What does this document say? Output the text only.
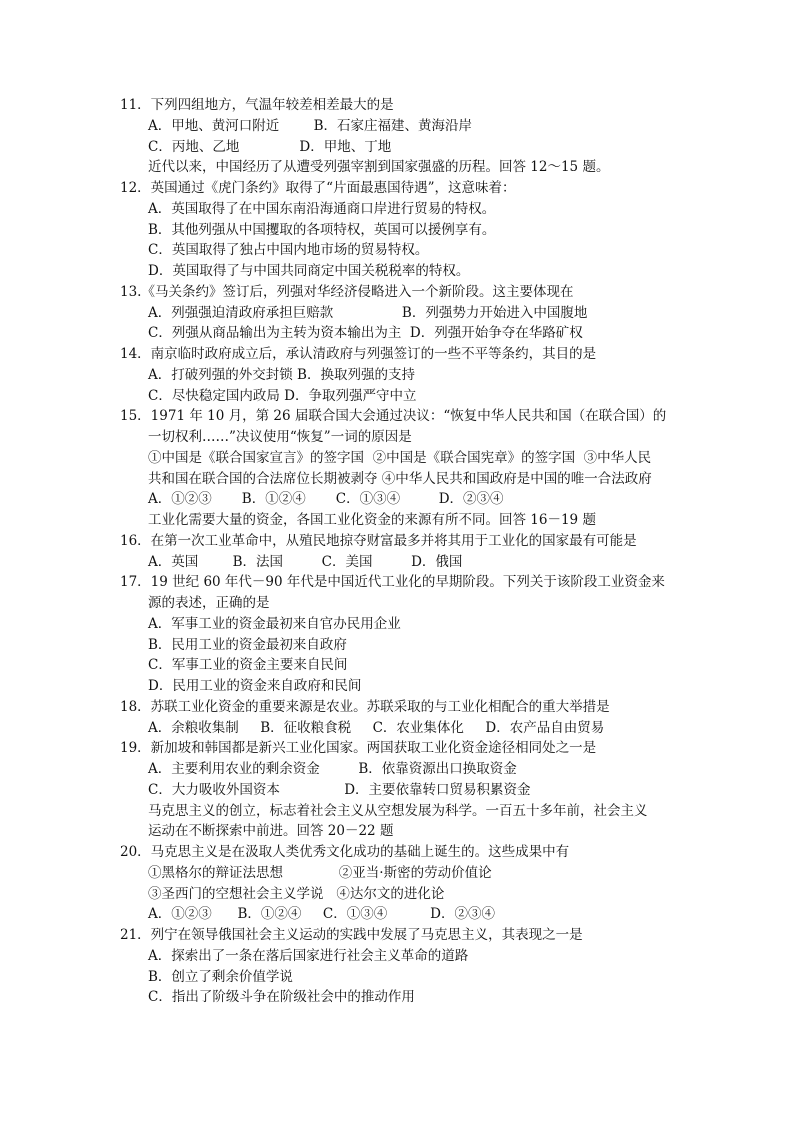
11．下列四组地方，气温年较差相差最大的是
A．甲地、黄河口附近        B．石家庄福建、黄海沿岸
C．丙地、乙地              D．甲地、丁地
近代以来，中国经历了从遭受列强宰割到国家强盛的历程。回答 12～15 题。
12．英国通过《虎门条约》取得了“片面最惠国待遇”，这意味着：
A．英国取得了在中国东南沿海通商口岸进行贸易的特权。
B．其他列强从中国攫取的各项特权，英国可以援例享有。
C．英国取得了独占中国内地市场的贸易特权。
D．英国取得了与中国共同商定中国关税税率的特权。
13.《马关条约》签订后，列强对华经济侵略进入一个新阶段。这主要体现在
A．列强强迫清政府承担巨赔款                B．列强势力开始进入中国腹地
C．列强从商品输出为主转为资本输出为主  D．列强开始争夺在华路矿权
14．南京临时政府成立后，承认清政府与列强签订的一些不平等条约，其目的是
A．打破列强的外交封锁 B．换取列强的支持
C．尽快稳定国内政局 D．争取列强严守中立
15．1971 年 10 月，第 26 届联合国大会通过决议：“恢复中华人民共和国（在联合国）的
一切权利……”决议使用“恢复”一词的原因是
①中国是《联合国家宣言》的签字国  ②中国是《联合国宪章》的签字国  ③中华人民
共和国在联合国的合法席位长期被剥夺 ④中华人民共和国政府是中国的唯一合法政府
A．①②③       B．①②④       C．①③④         D．②③④
工业化需要大量的资金，各国工业化资金的来源有所不同。回答 16－19 题
16．在第一次工业革命中，从殖民地掠夺财富最多并将其用于工业化的国家最有可能是
A．英国        B．法国         C．美国         D．俄国
17．19 世纪 60 年代－90 年代是中国近代工业化的早期阶段。下列关于该阶段工业资金来
源的表述，正确的是
A．军事工业的资金最初来自官办民用企业
B．民用工业的资金最初来自政府
C．军事工业的资金主要来自民间
D．民用工业的资金来自政府和民间
18．苏联工业化资金的重要来源是农业。苏联采取的与工业化相配合的重大举措是
A．余粮收集制     B．征收粮食税     C．农业集体化     D．农产品自由贸易
19．新加坡和韩国都是新兴工业化国家。两国获取工业化资金途径相同处之一是
A．主要利用农业的剩余资金         B．依靠资源出口换取资金
C．大力吸收外国资本               D．主要依靠转口贸易积累资金
马克思主义的创立，标志着社会主义从空想发展为科学。一百五十多年前，社会主义
运动在不断探索中前进。回答 20－22 题
20．马克思主义是在汲取人类优秀文化成功的基础上诞生的。这些成果中有
①黑格尔的辩证法思想             ②亚当·斯密的劳动价值论
③圣西门的空想社会主义学说   ④达尔文的进化论
A．①②③      B．①②④     C．①③④          D．②③④
21．列宁在领导俄国社会主义运动的实践中发展了马克思主义，其表现之一是
A．探索出了一条在落后国家进行社会主义革命的道路
B．创立了剩余价值学说
C．指出了阶级斗争在阶级社会中的推动作用
